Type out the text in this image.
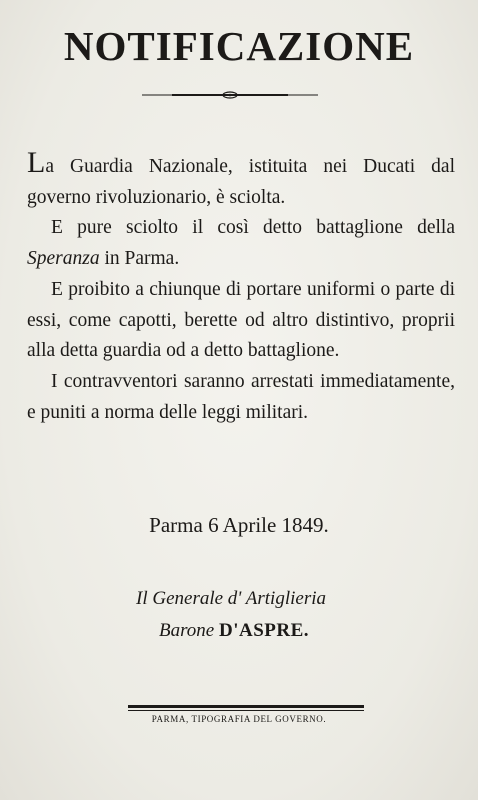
NOTIFICAZIONE

La Guardia Nazionale, istituita nei Ducati dal governo rivoluzionario, è sciolta.

E pure sciolto il così detto battaglione della Speranza in Parma.

E proibito a chiunque di portare uniformi o parte di essi, come capotti, berette od altro distintivo, proprii alla detta guardia od a detto battaglione.

I contravventori saranno arrestati immediatamente, e puniti a norma delle leggi militari.

Parma 6 Aprile 1849.
Il Generale d' Artiglieria
Barone D'ASPRE.
PARMA, TIPOGRAFIA DEL GOVERNO.
